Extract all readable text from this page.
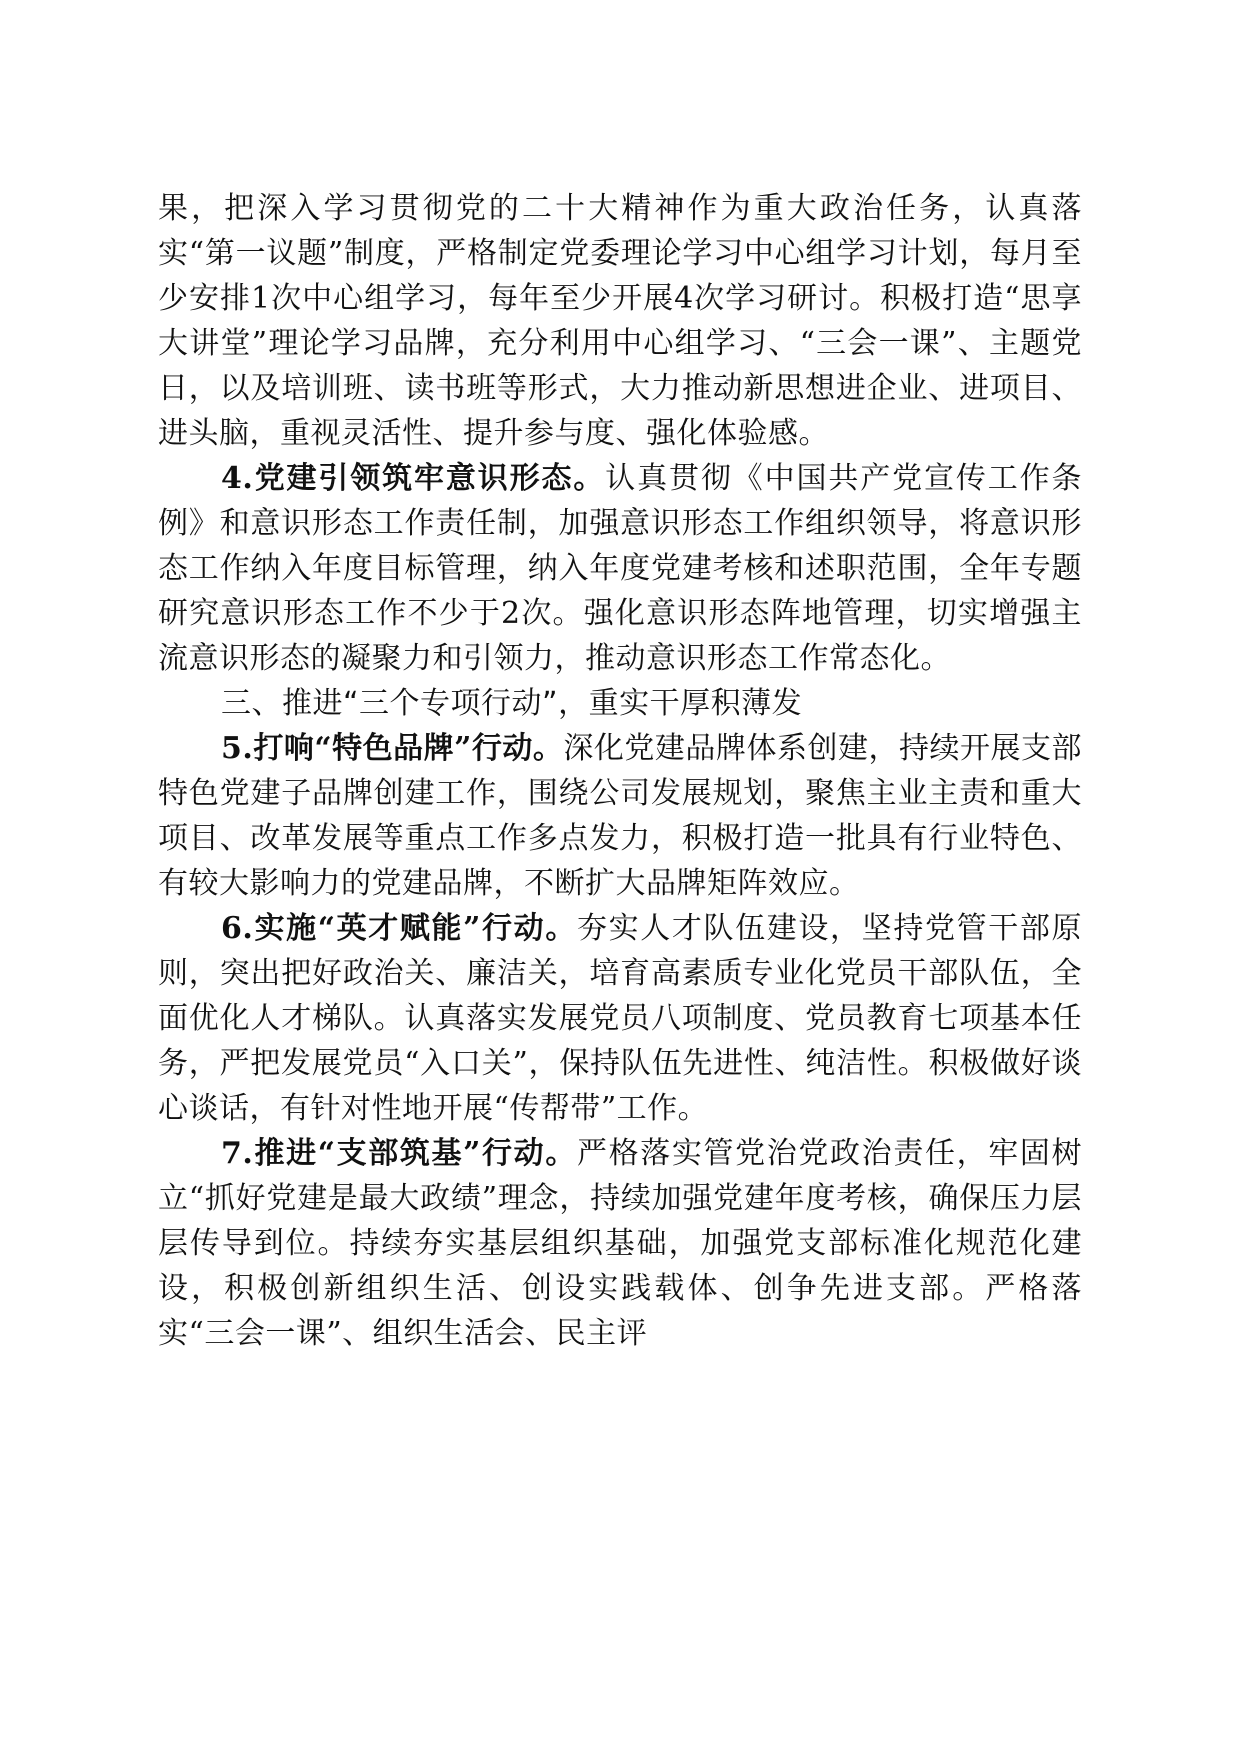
果，把深入学习贯彻党的二十大精神作为重大政治任务，认真落实“第一议题”制度，严格制定党委理论学习中心组学习计划，每月至少安排1次中心组学习，每年至少开展4次学习研讨。积极打造“思享大讲堂”理论学习品牌，充分利用中心组学习、“三会一课”、主题党日，以及培训班、读书班等形式，大力推动新思想进企业、进项目、进头脑，重视灵活性、提升参与度、强化体验感。

4.党建引领筑牢意识形态。认真贯彻《中国共产党宣传工作条例》和意识形态工作责任制，加强意识形态工作组织领导，将意识形态工作纳入年度目标管理，纳入年度党建考核和述职范围，全年专题研究意识形态工作不少于2次。强化意识形态阵地管理，切实增强主流意识形态的凝聚力和引领力，推动意识形态工作常态化。

三、推进“三个专项行动”，重实干厚积薄发

5.打响“特色品牌”行动。深化党建品牌体系创建，持续开展支部特色党建子品牌创建工作，围绕公司发展规划，聚焦主业主责和重大项目、改革发展等重点工作多点发力，积极打造一批具有行业特色、有较大影响力的党建品牌，不断扩大品牌矩阵效应。

6.实施“英才赋能”行动。夯实人才队伍建设，坚持党管干部原则，突出把好政治关、廉洁关，培育高素质专业化党员干部队伍，全面优化人才梯队。认真落实发展党员八项制度、党员教育七项基本任务，严把发展党员“入口关”，保持队伍先进性、纯洁性。积极做好谈心谈话，有针对性地开展“传帮带”工作。

7.推进“支部筑基”行动。严格落实管党治党政治责任，牢固树立“抓好党建是最大政绩”理念，持续加强党建年度考核，确保压力层层传导到位。持续夯实基层组织基础，加强党支部标准化规范化建设，积极创新组织生活、创设实践载体、创争先进支部。严格落实“三会一课”、组织生活会、民主评
